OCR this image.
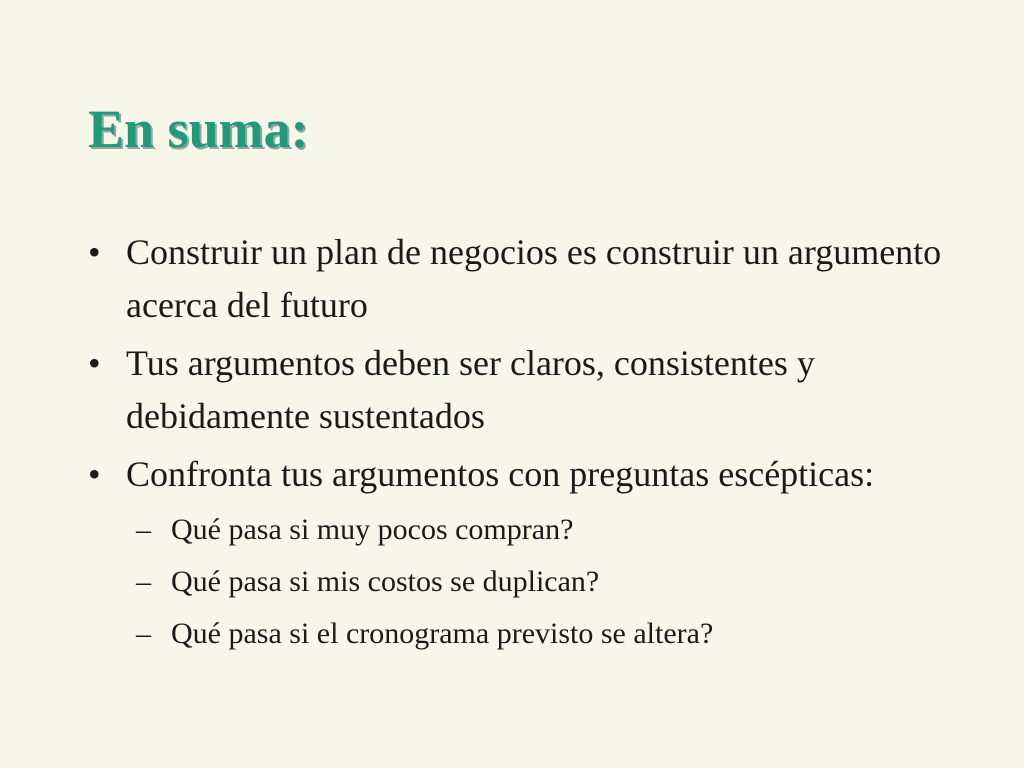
En suma:
• Construir un plan de negocios es construir un argumento acerca del futuro
• Tus argumentos deben ser claros, consistentes y debidamente sustentados
• Confronta tus argumentos con preguntas escépticas:
– Qué pasa si muy pocos compran?
– Qué pasa si mis costos se duplican?
– Qué pasa si el cronograma previsto se altera?
